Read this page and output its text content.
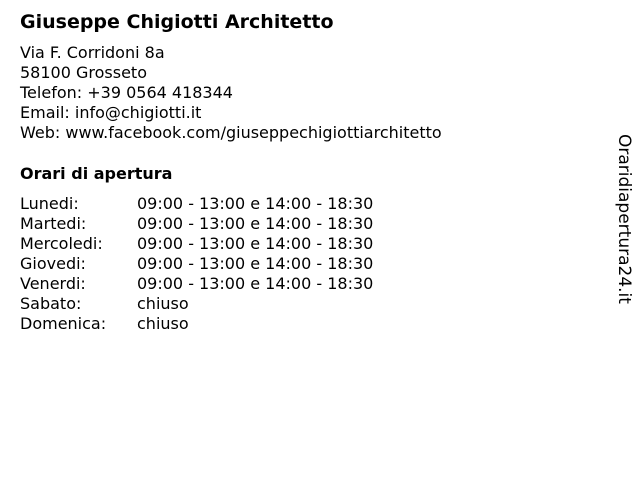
Giuseppe Chigiotti Architetto
Via F. Corridoni 8a
58100 Grosseto
Telefon: +39 0564 418344
Email: info@chigiotti.it
Web: www.facebook.com/giuseppechigiottiarchitetto
Orari di apertura
Lunedi:	09:00 - 13:00 e 14:00 - 18:30
Martedi:	09:00 - 13:00 e 14:00 - 18:30
Mercoledi:	09:00 - 13:00 e 14:00 - 18:30
Giovedi:	09:00 - 13:00 e 14:00 - 18:30
Venerdi:	09:00 - 13:00 e 14:00 - 18:30
Sabato:	chiuso
Domenica:	chiuso
Oraridiapertura24.it
